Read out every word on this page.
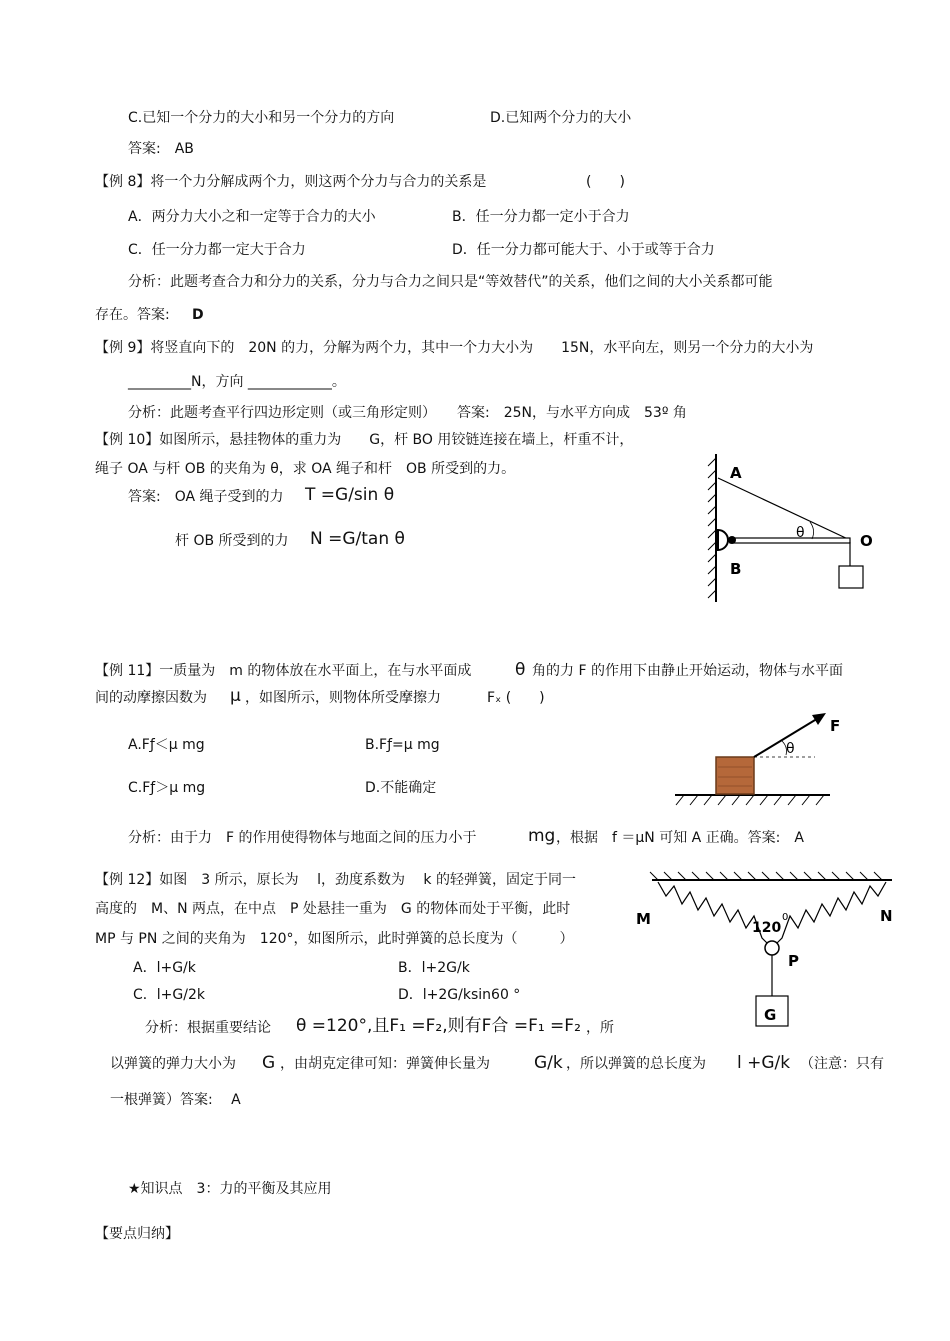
C.已知一个分力的大小和另一个分力的方向	D.已知两个分力的大小
答案:　AB
【例 8】将一个力分解成两个力，则这两个分力与合力的关系是	(　　)
A．两分力大小之和一定等于合力的大小	B．任一分力都一定小于合力
C．任一分力都一定大于合力	D．任一分力都可能大于、小于或等于合力
分析：此题考查合力和分力的关系，分力与合力之间只是“等效替代”的关系，他们之间的大小关系都可能
存在。答案: D
【例 9】将竖直向下的　20N 的力，分解为两个力，其中一个力大小为　　15N，水平向左，则另一个分力的大小为
_________N，方向 ____________。
分析：此题考查平行四边形定则（或三角形定则）　　答案:　25N，与水平方向成　53º 角
【例 10】如图所示，悬挂物体的重力为　　G，杆 BO 用铰链连接在墙上，杆重不计，
绳子 OA 与杆 OB 的夹角为 θ，求 OA 绳子和杆　OB 所受到的力。
答案:　OA 绳子受到的力 T =G/sin θ
杆 OB 所受到的力 N =G/tan θ
A
B
O
θ
【例 11】一质量为　m 的物体放在水平面上，在与水平面成	θ 角的力 F 的作用下由静止开始运动，物体与水平面
间的动摩擦因数为 μ ，如图所示，则物体所受摩擦力	Fₓ (　　)
A.Fƒ＜μ mg	B.Fƒ=μ mg
C.Fƒ＞μ mg	D.不能确定
分析：由于力　F 的作用使得物体与地面之间的压力小于	mg ，根据　f ＝μN 可知 A 正确。答案:　A
F
θ
【例 12】如图　3 所示，原长为　 l，劲度系数为　 k 的轻弹簧，固定于同一
高度的　M、N 两点，在中点　P 处悬挂一重为　G 的物体而处于平衡，此时
MP 与 PN 之间的夹角为　120°，如图所示，此时弹簧的总长度为（　　　）
A．l+G/k	B．l+2G/k
C．l+G/2k	D．l+2G/ksin60 °
分析：根据重要结论 θ =120°,且F₁ =F₂,则有F合 =F₁ =F₂ ，所
以弹簧的弹力大小为 G ，由胡克定律可知：弹簧伸长量为	G/k ，所以弹簧的总长度为 l +G/k （注意：只有
一根弹簧）答案:　 A
M	N
120
0
P
G
★知识点　3：力的平衡及其应用
【要点归纳】
